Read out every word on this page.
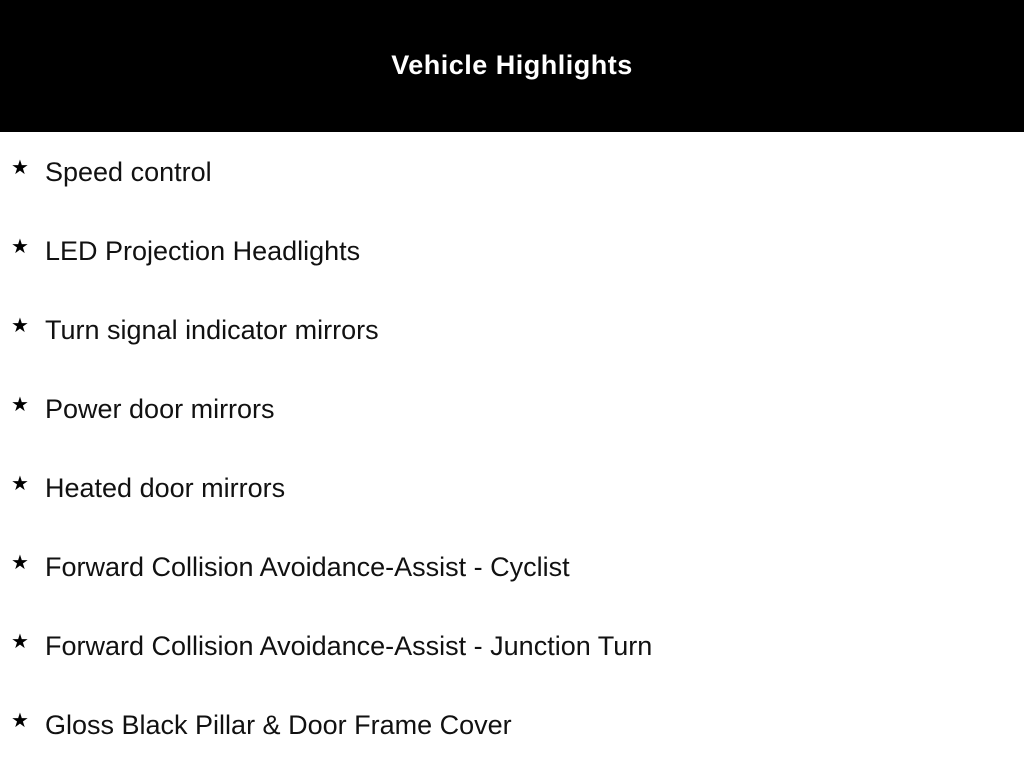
Vehicle Highlights
★ Speed control
★ LED Projection Headlights
★ Turn signal indicator mirrors
★ Power door mirrors
★ Heated door mirrors
★ Forward Collision Avoidance-Assist - Cyclist
★ Forward Collision Avoidance-Assist - Junction Turn
★ Gloss Black Pillar & Door Frame Cover
